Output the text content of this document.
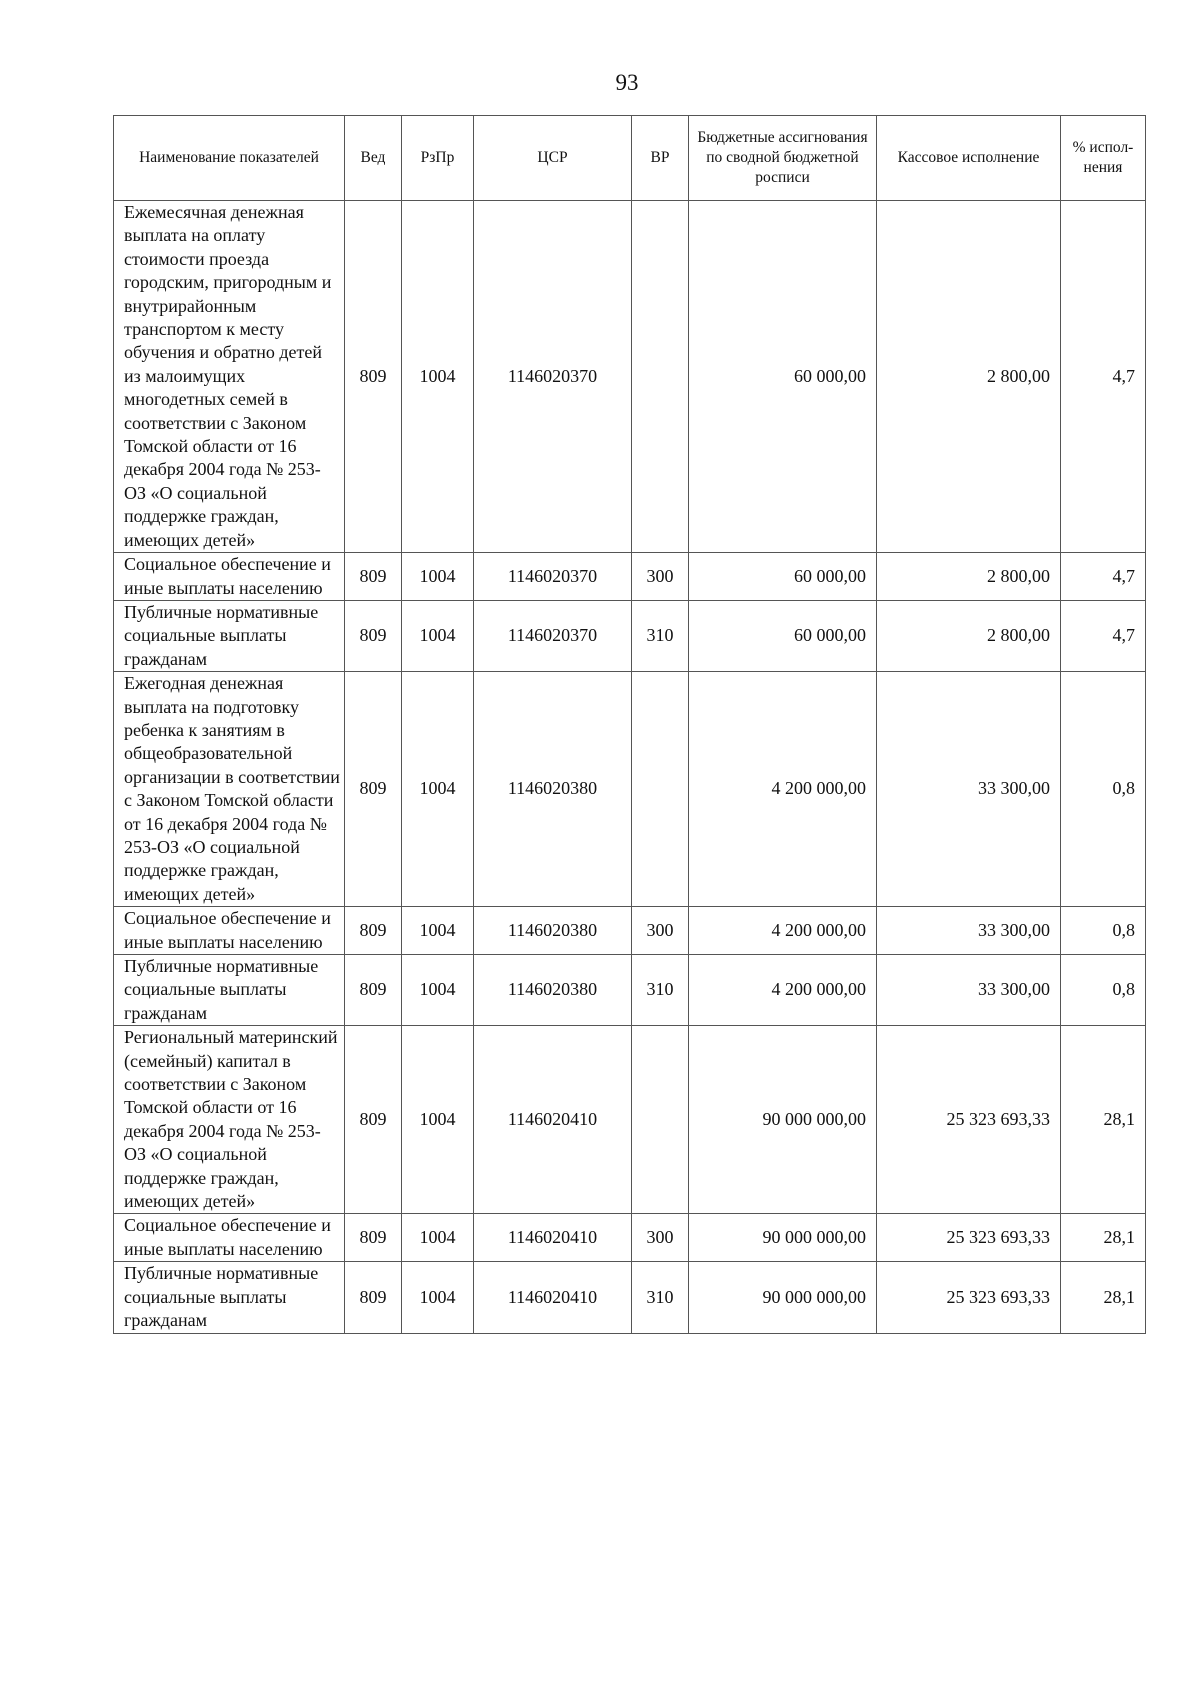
93
Наименование показателей	Вед	РзПр	ЦСР	ВР	Бюджетные ассигнования по сводной бюджетной росписи	Кассовое исполнение	% испол-нения
Ежемесячная денежная выплата на оплату стоимости проезда городским, пригородным и внутрирайонным транспортом к месту обучения и обратно детей из малоимущих многодетных семей в соответствии с Законом Томской области от 16 декабря 2004 года № 253-ОЗ «О социальной поддержке граждан, имеющих детей»	809	1004	1146020370		60 000,00	2 800,00	4,7
Социальное обеспечение и иные выплаты населению	809	1004	1146020370	300	60 000,00	2 800,00	4,7
Публичные нормативные социальные выплаты гражданам	809	1004	1146020370	310	60 000,00	2 800,00	4,7
Ежегодная денежная выплата на подготовку ребенка к занятиям в общеобразовательной организации в соответствии с Законом Томской области от 16 декабря 2004 года № 253-ОЗ «О социальной поддержке граждан, имеющих детей»	809	1004	1146020380		4 200 000,00	33 300,00	0,8
Социальное обеспечение и иные выплаты населению	809	1004	1146020380	300	4 200 000,00	33 300,00	0,8
Публичные нормативные социальные выплаты гражданам	809	1004	1146020380	310	4 200 000,00	33 300,00	0,8
Региональный материнский (семейный) капитал в соответствии с Законом Томской области от 16 декабря 2004 года № 253-ОЗ «О социальной поддержке граждан, имеющих детей»	809	1004	1146020410		90 000 000,00	25 323 693,33	28,1
Социальное обеспечение и иные выплаты населению	809	1004	1146020410	300	90 000 000,00	25 323 693,33	28,1
Публичные нормативные социальные выплаты гражданам	809	1004	1146020410	310	90 000 000,00	25 323 693,33	28,1
